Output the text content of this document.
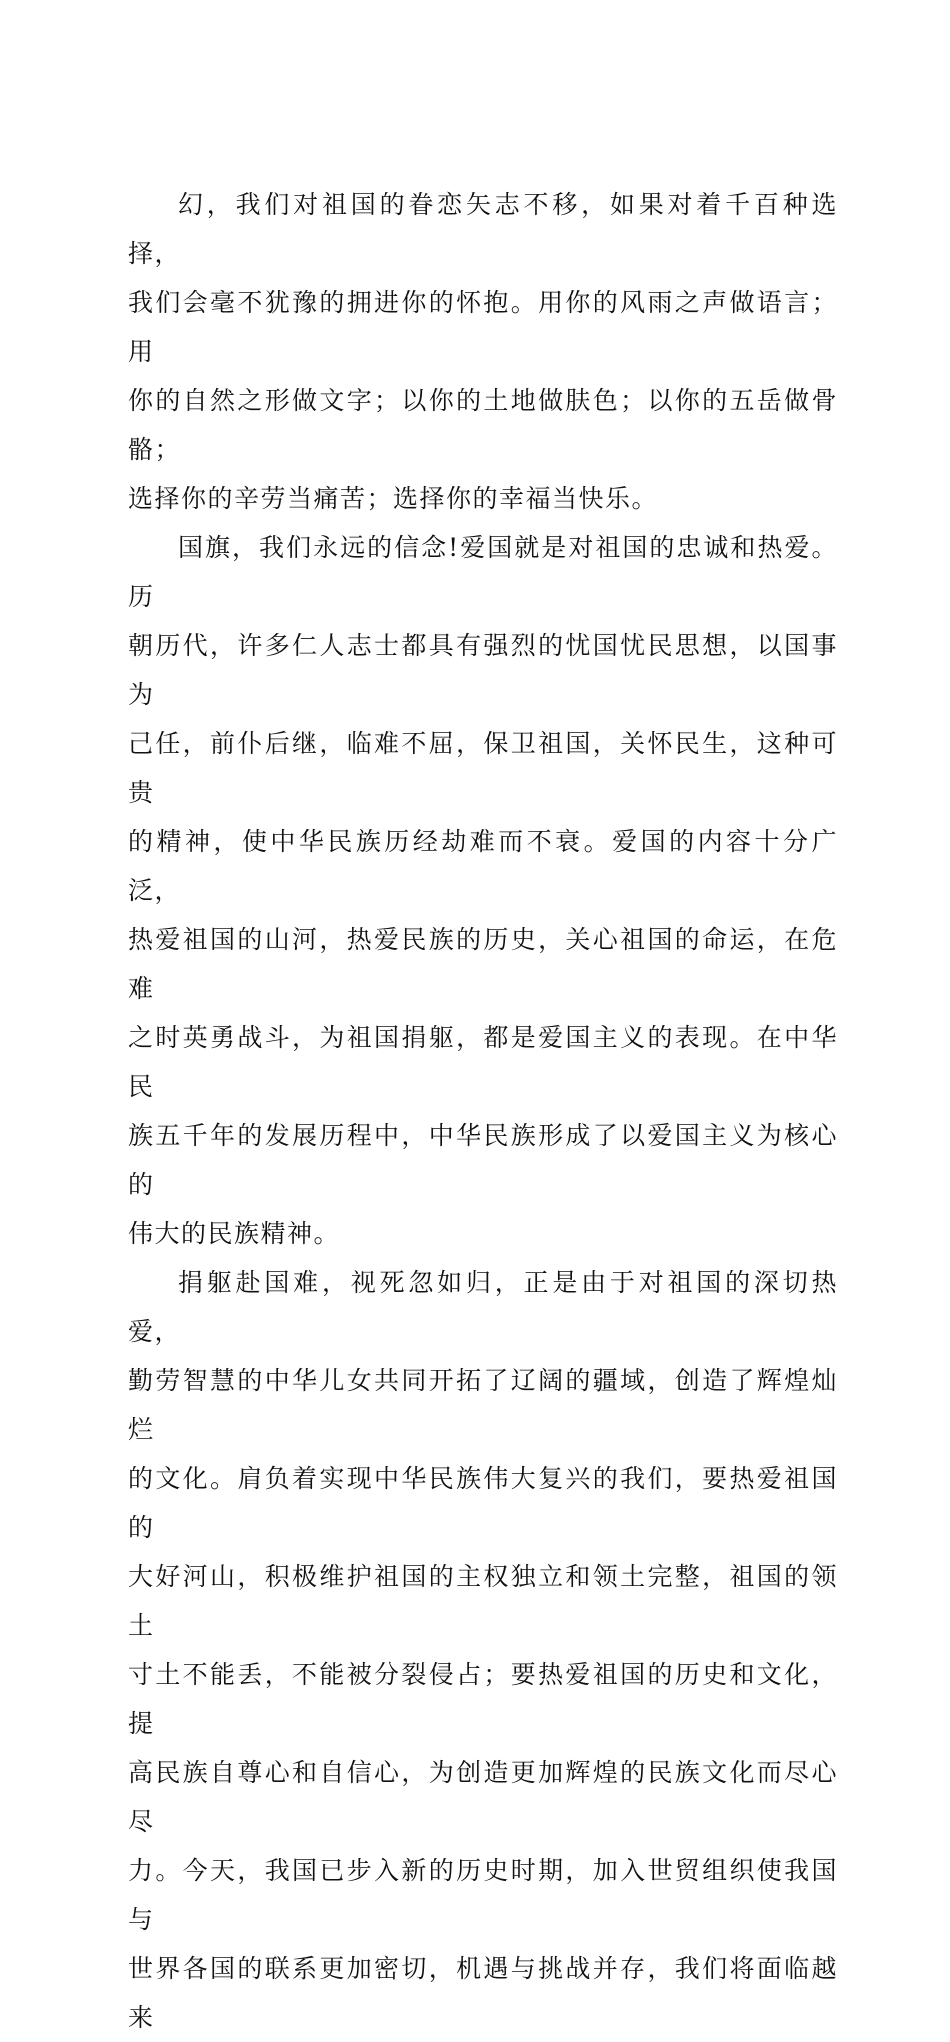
幻，我们对祖国的眷恋矢志不移，如果对着千百种选择，
我们会毫不犹豫的拥进你的怀抱。用你的风雨之声做语言；用
你的自然之形做文字；以你的土地做肤色；以你的五岳做骨骼；
选择你的辛劳当痛苦；选择你的幸福当快乐。

国旗，我们永远的信念!爱国就是对祖国的忠诚和热爱。历
朝历代，许多仁人志士都具有强烈的忧国忧民思想，以国事为
己任，前仆后继，临难不屈，保卫祖国，关怀民生，这种可贵
的精神，使中华民族历经劫难而不衰。爱国的内容十分广泛，
热爱祖国的山河，热爱民族的历史，关心祖国的命运，在危难
之时英勇战斗，为祖国捐躯，都是爱国主义的表现。在中华民
族五千年的发展历程中，中华民族形成了以爱国主义为核心的
伟大的民族精神。

捐躯赴国难，视死忽如归，正是由于对祖国的深切热爱，
勤劳智慧的中华儿女共同开拓了辽阔的疆域，创造了辉煌灿烂
的文化。肩负着实现中华民族伟大复兴的我们，要热爱祖国的
大好河山，积极维护祖国的主权独立和领土完整，祖国的领土
寸土不能丢，不能被分裂侵占；要热爱祖国的历史和文化，提
高民族自尊心和自信心，为创造更加辉煌的民族文化而尽心尽
力。今天，我国已步入新的历史时期，加入世贸组织使我国与
世界各国的联系更加密切，机遇与挑战并存，我们将面临越来
